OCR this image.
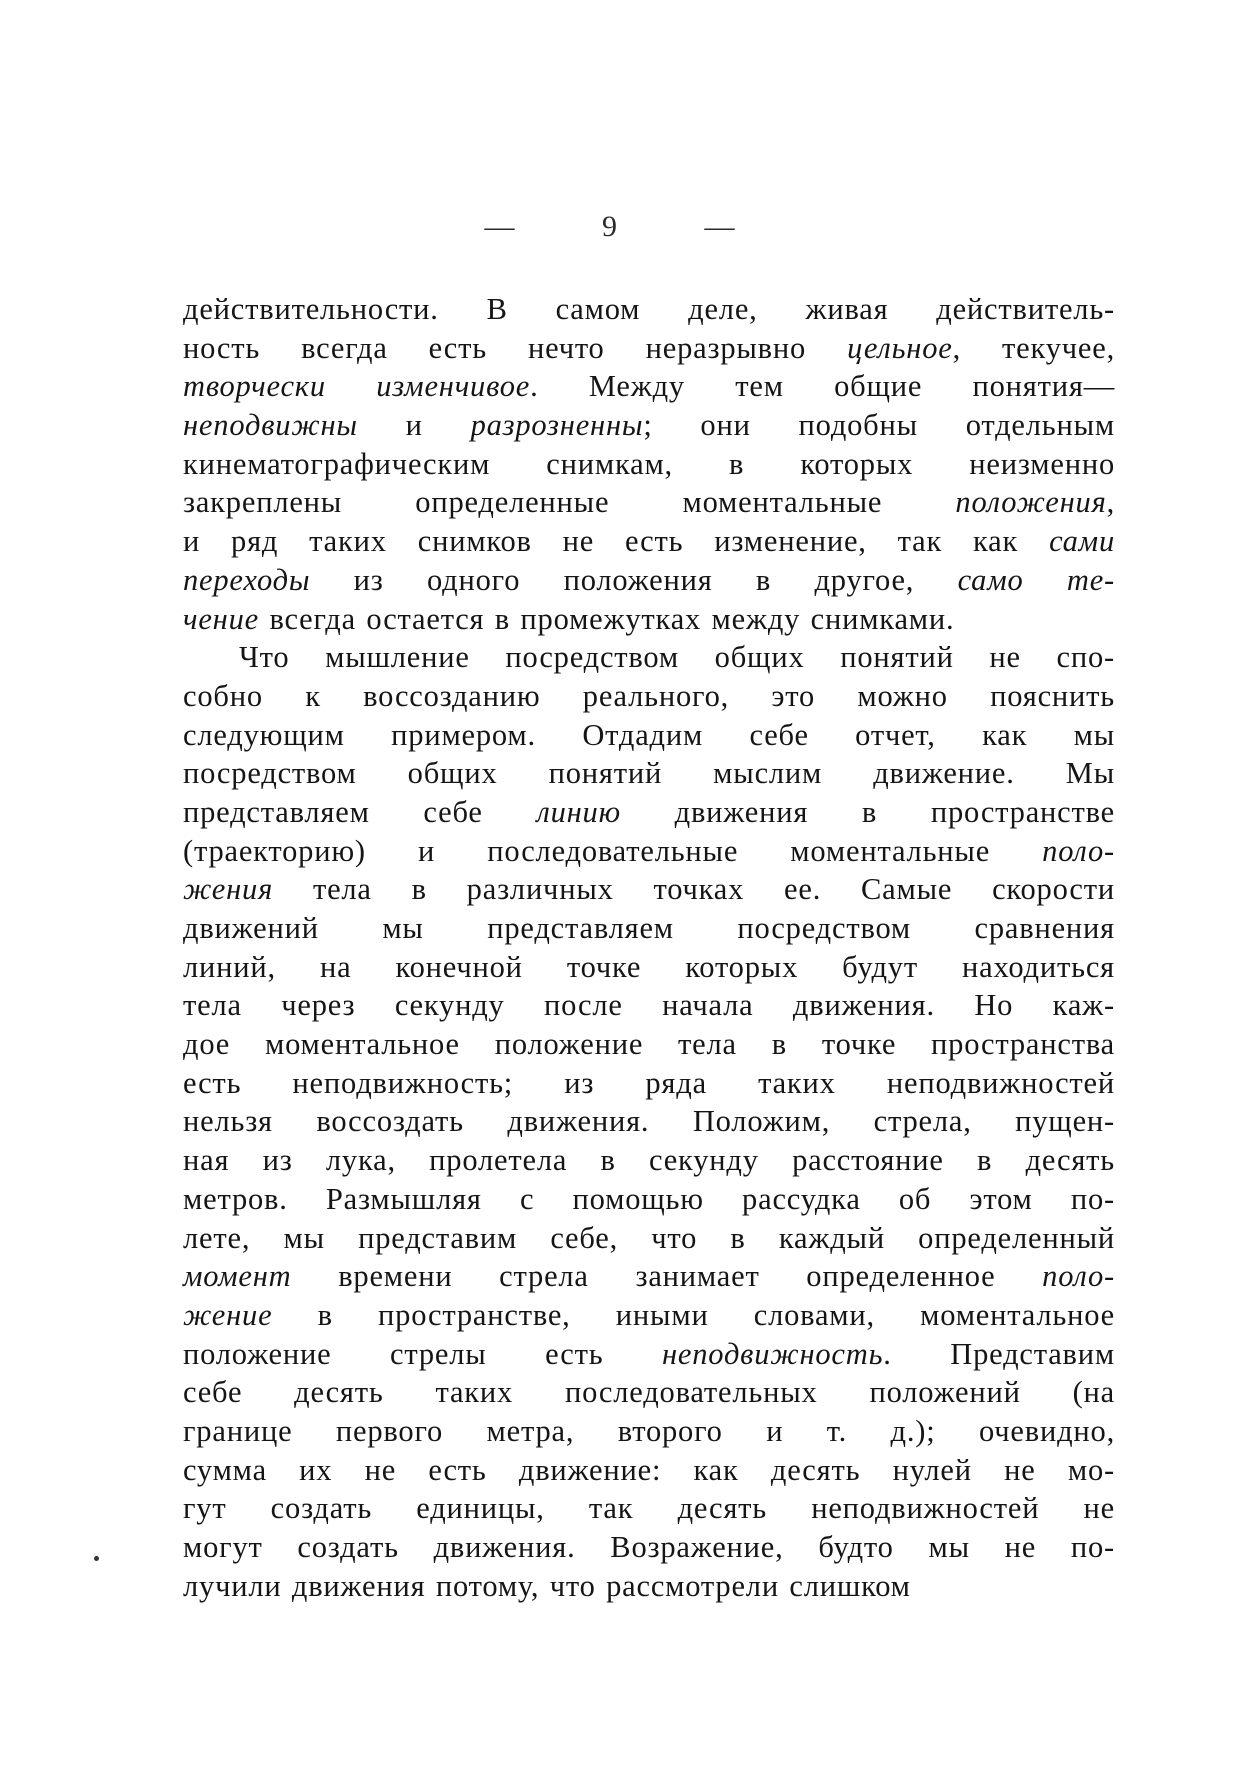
— 9 —
действительности. В самом деле, живая действитель-
ность всегда есть нечто неразрывно цельное, текучее,
творчески изменчивое. Между тем общие понятия—
неподвижны и разрозненны; они подобны отдельным
кинематографическим снимкам, в которых неизменно
закреплены определенные моментальные положения,
и ряд таких снимков не есть изменение, так как сами
переходы из одного положения в другое, само те-
чение всегда остается в промежутках между снимками.
Что мышление посредством общих понятий не спо-
собно к воссозданию реального, это можно пояснить
следующим примером. Отдадим себе отчет, как мы
посредством общих понятий мыслим движение. Мы
представляем себе линию движения в пространстве
(траекторию) и последовательные моментальные поло-
жения тела в различных точках ее. Самые скорости
движений мы представляем посредством сравнения
линий, на конечной точке которых будут находиться
тела через секунду после начала движения. Но каж-
дое моментальное положение тела в точке пространства
есть неподвижность; из ряда таких неподвижностей
нельзя воссоздать движения. Положим, стрела, пущен-
ная из лука, пролетела в секунду расстояние в десять
метров. Размышляя с помощью рассудка об этом по-
лете, мы представим себе, что в каждый определенный
момент времени стрела занимает определенное поло-
жение в пространстве, иными словами, моментальное
положение стрелы есть неподвижность. Представим
себе десять таких последовательных положений (на
границе первого метра, второго и т. д.); очевидно,
сумма их не есть движение: как десять нулей не мо-
гут создать единицы, так десять неподвижностей не
могут создать движения. Возражение, будто мы не по-
лучили движения потому, что рассмотрели слишком
